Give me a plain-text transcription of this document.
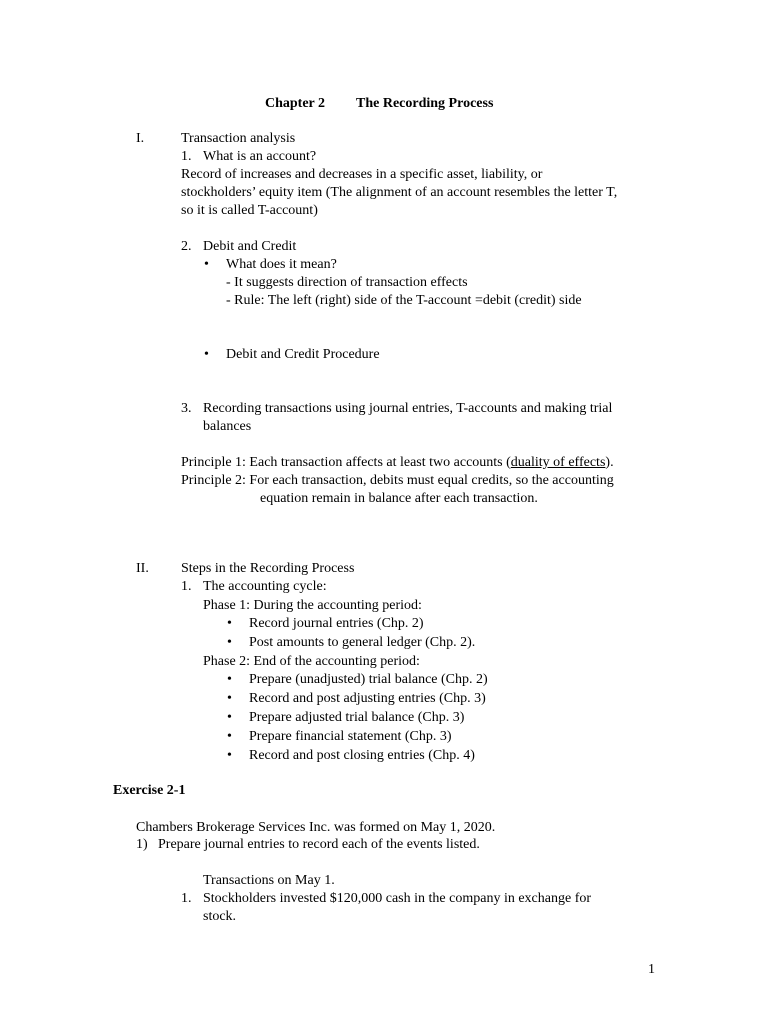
Chapter 2 The Recording Process
I.	Transaction analysis
1. What is an account?
Record of increases and decreases in a specific asset, liability, or
stockholders’ equity item (The alignment of an account resembles the letter T,
so it is called T-account)
2. Debit and Credit
• What does it mean?
- It suggests direction of transaction effects
- Rule: The left (right) side of the T-account =debit (credit) side
• Debit and Credit Procedure
3. Recording transactions using journal entries, T-accounts and making trial
balances
Principle 1: Each transaction affects at least two accounts (duality of effects).
Principle 2: For each transaction, debits must equal credits, so the accounting
equation remain in balance after each transaction.
II. Steps in the Recording Process
1. The accounting cycle:
Phase 1: During the accounting period:
• Record journal entries (Chp. 2)
• Post amounts to general ledger (Chp. 2).
Phase 2: End of the accounting period:
• Prepare (unadjusted) trial balance (Chp. 2)
• Record and post adjusting entries (Chp. 3)
• Prepare adjusted trial balance (Chp. 3)
• Prepare financial statement (Chp. 3)
• Record and post closing entries (Chp. 4)
Exercise 2-1
Chambers Brokerage Services Inc. was formed on May 1, 2020.
1) Prepare journal entries to record each of the events listed.
Transactions on May 1.
1. Stockholders invested $120,000 cash in the company in exchange for
stock.
1
